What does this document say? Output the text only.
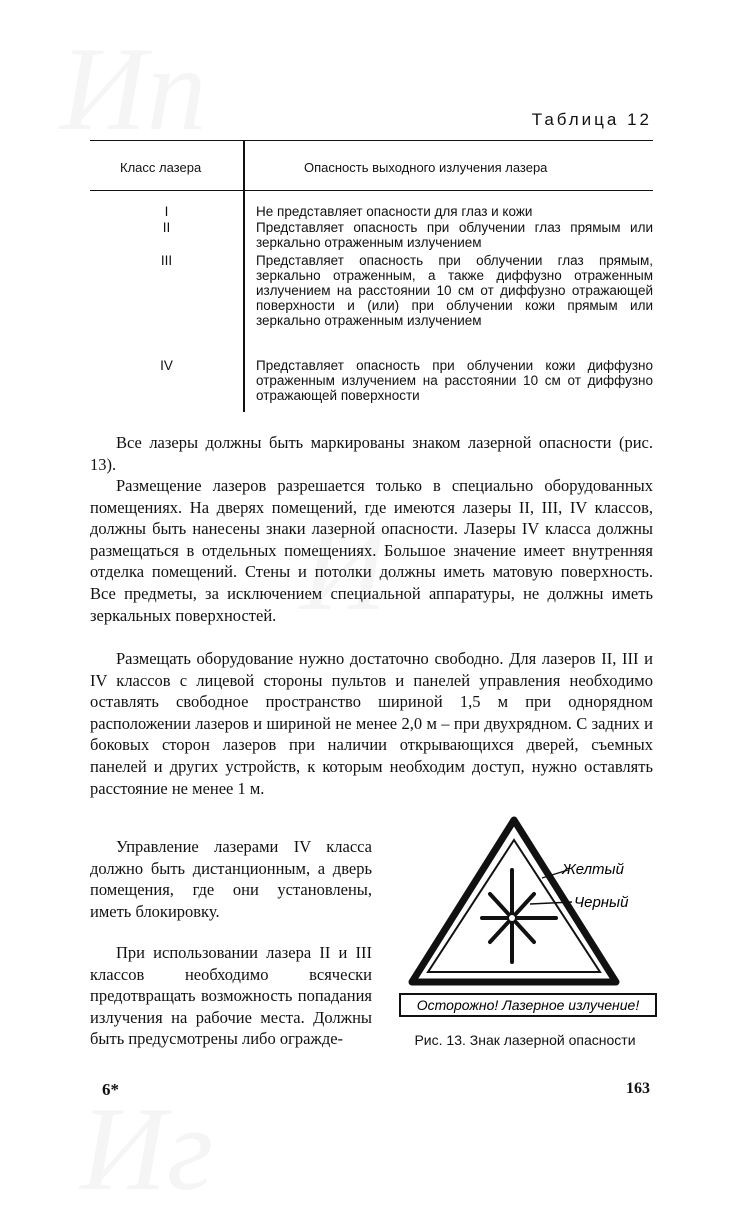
Таблица 12
Класс лазера	Опасность выходного излучения лазера
I	Не представляет опасности для глаз и кожи
II	Представляет опасность при облучении глаз прямым или зеркально отраженным излучением
III	Представляет опасность при облучении глаз прямым, зеркально отраженным, а также диффузно отраженным излучением на расстоянии 10 см от диффузно отражающей поверхности и (или) при облучении кожи прямым или зеркально отраженным излучением
IV	Представляет опасность при облучении кожи диффузно отраженным излучением на расстоянии 10 см от диффузно отражающей поверхности
Все лазеры должны быть маркированы знаком лазерной опасности (рис. 13).
Размещение лазеров разрешается только в специально оборудованных помещениях. На дверях помещений, где имеются лазеры II, III, IV классов, должны быть нанесены знаки лазерной опасности. Лазеры IV класса должны размещаться в отдельных помещениях. Большое значение имеет внутренняя отделка помещений. Стены и потолки должны иметь матовую поверхность. Все предметы, за исключением специальной аппаратуры, не должны иметь зеркальных поверхностей.
Размещать оборудование нужно достаточно свободно. Для лазеров II, III и IV классов с лицевой стороны пультов и панелей управления необходимо оставлять свободное пространство шириной 1,5 м при однорядном расположении лазеров и шириной не менее 2,0 м – при двухрядном. С задних и боковых сторон лазеров при наличии открывающихся дверей, съемных панелей и других устройств, к которым необходим доступ, нужно оставлять расстояние не менее 1 м.
Управление лазерами IV класса должно быть дистанционным, а дверь помещения, где они установлены, иметь блокировку.
При использовании лазера II и III классов необходимо всячески предотвращать возможность попадания излучения на рабочие места. Должны быть предусмотрены либо огражде-
Желтый
Черный
Осторожно! Лазерное излучение!
Рис. 13. Знак лазерной опасности
6*	163
